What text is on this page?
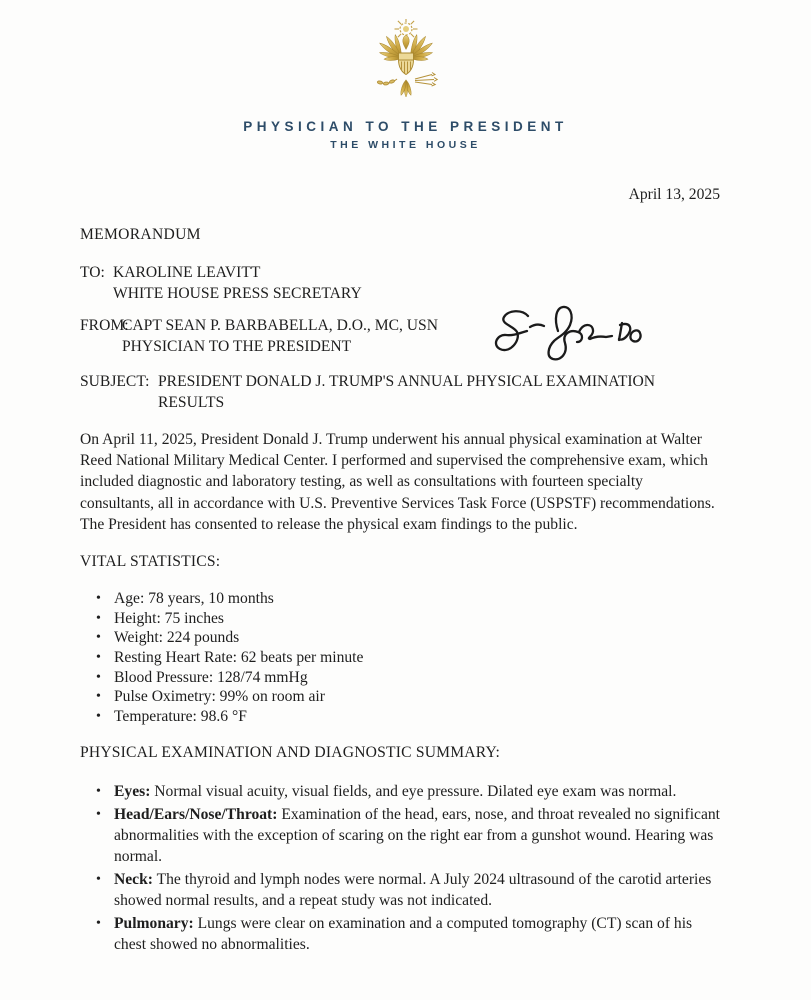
PHYSICIAN TO THE PRESIDENT
THE WHITE HOUSE
April 13, 2025
MEMORANDUM
TO: KAROLINE LEAVITT
WHITE HOUSE PRESS SECRETARY
FROM:
CAPT SEAN P. BARBABELLA, D.O., MC, USN
PHYSICIAN TO THE PRESIDENT
SUBJECT: PRESIDENT DONALD J. TRUMP'S ANNUAL PHYSICAL EXAMINATION
RESULTS

On April 11, 2025, President Donald J. Trump underwent his annual physical examination at Walter Reed National Military Medical Center. I performed and supervised the comprehensive exam, which included diagnostic and laboratory testing, as well as consultations with fourteen specialty consultants, all in accordance with U.S. Preventive Services Task Force (USPSTF) recommendations. The President has consented to release the physical exam findings to the public.

VITAL STATISTICS:
• Age: 78 years, 10 months
• Height: 75 inches
• Weight: 224 pounds
• Resting Heart Rate: 62 beats per minute
• Blood Pressure: 128/74 mmHg
• Pulse Oximetry: 99% on room air
• Temperature: 98.6 °F
PHYSICAL EXAMINATION AND DIAGNOSTIC SUMMARY:
• Eyes: Normal visual acuity, visual fields, and eye pressure. Dilated eye exam was normal.
• Head/Ears/Nose/Throat: Examination of the head, ears, nose, and throat revealed no significant abnormalities with the exception of scaring on the right ear from a gunshot wound. Hearing was normal.
• Neck: The thyroid and lymph nodes were normal. A July 2024 ultrasound of the carotid arteries showed normal results, and a repeat study was not indicated.
• Pulmonary: Lungs were clear on examination and a computed tomography (CT) scan of his chest showed no abnormalities.
